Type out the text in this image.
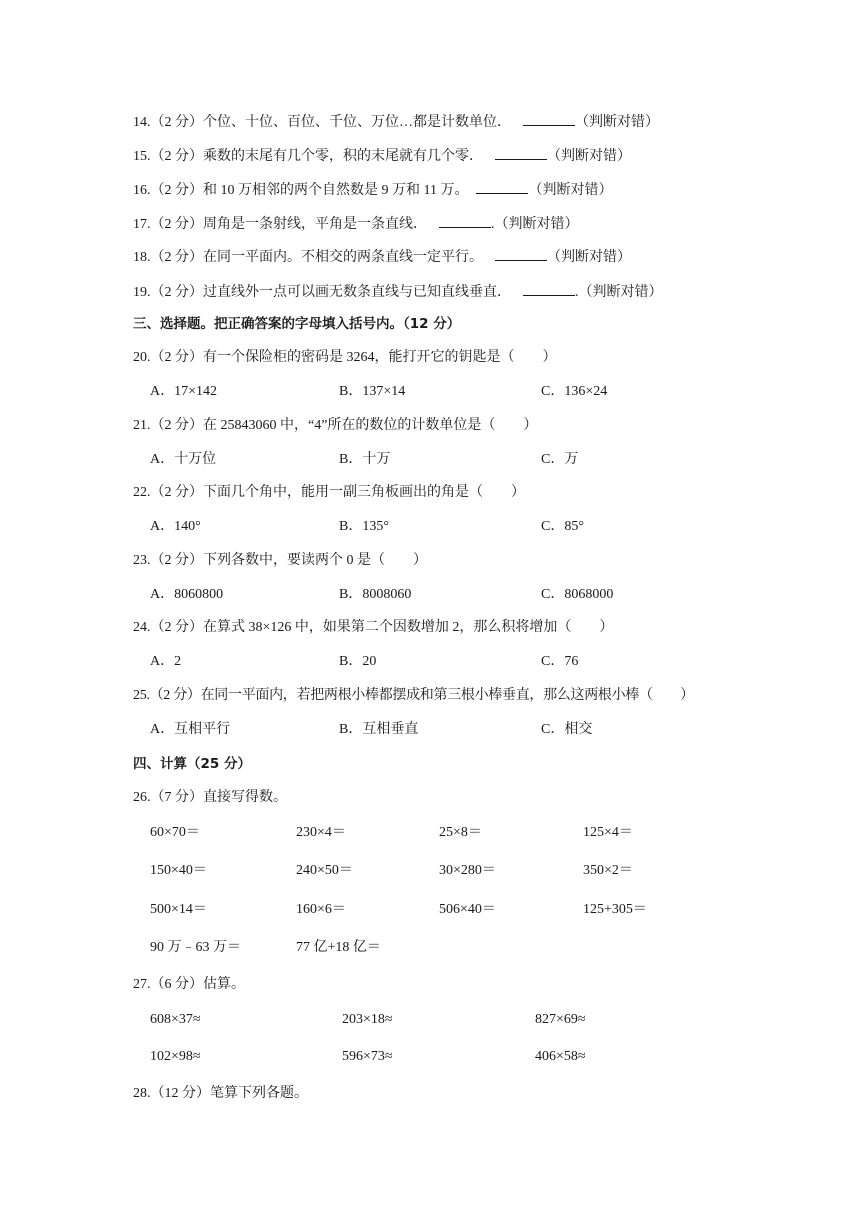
14.（2 分）个位、十位、百位、千位、万位…都是计数单位．	（判断对错）
15.（2 分）乘数的末尾有几个零，积的末尾就有几个零．	（判断对错）
16.（2 分）和 10 万相邻的两个自然数是 9 万和 11 万。	（判断对错）
17.（2 分）周角是一条射线，平角是一条直线．	.（判断对错）
18.（2 分）在同一平面内。不相交的两条直线一定平行。	（判断对错）
19.（2 分）过直线外一点可以画无数条直线与已知直线垂直．	.（判断对错）
三、选择题。把正确答案的字母填入括号内。（12 分）
20.（2 分）有一个保险柜的密码是 3264，能打开它的钥匙是（　　）
A．17×142	B．137×14	C．136×24
21.（2 分）在 25843060 中，“4”所在的数位的计数单位是（　　）
A．十万位	B．十万	C．万
22.（2 分）下面几个角中，能用一副三角板画出的角是（　　）
A．140°	B．135°	C．85°
23.（2 分）下列各数中，要读两个 0 是（　　）
A．8060800	B．8008060	C．8068000
24.（2 分）在算式 38×126 中，如果第二个因数增加 2，那么积将增加（　　）
A．2	B．20	C．76
25.（2 分）在同一平面内，若把两根小棒都摆成和第三根小棒垂直，那么这两根小棒（　　）
A．互相平行	B．互相垂直	C．相交
四、计算（25 分）
26.（7 分）直接写得数。
60×70＝	230×4＝	25×8＝	125×4＝
150×40＝	240×50＝	30×280＝	350×2＝
500×14＝	160×6＝	506×40＝	125+305＝
90 万﹣63 万＝	77 亿+18 亿＝
27.（6 分）估算。
608×37≈	203×18≈	827×69≈
102×98≈	596×73≈	406×58≈
28.（12 分）笔算下列各题。
